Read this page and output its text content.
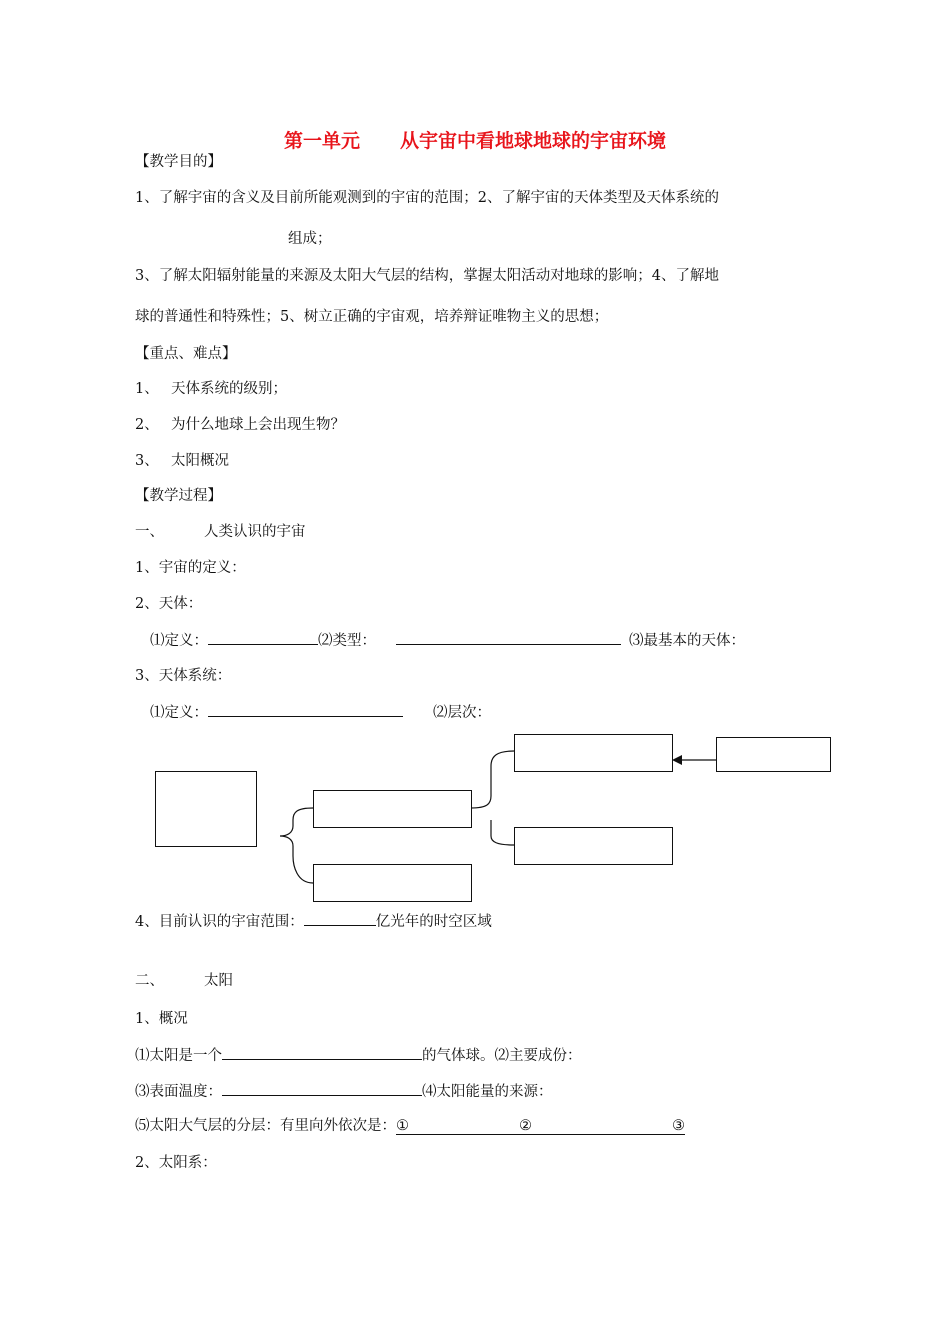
第一单元 从宇宙中看地球地球的宇宙环境
【教学目的】
1、了解宇宙的含义及目前所能观测到的宇宙的范围；2、了解宇宙的天体类型及天体系统的
组成；
3、了解太阳辐射能量的来源及太阳大气层的结构，掌握太阳活动对地球的影响；4、了解地
球的普通性和特殊性；5、树立正确的宇宙观，培养辩证唯物主义的思想；
【重点、难点】
1、 天体系统的级别；
2、 为什么地球上会出现生物？
3、 太阳概况
【教学过程】
一、	人类认识的宇宙
1、宇宙的定义：
2、天体：
⑴定义：	⑵类型：	⑶最基本的天体：
3、天体系统：
⑴定义：	⑵层次：
4、目前认识的宇宙范围：	亿光年的时空区域
二、	太阳
1、概况
⑴太阳是一个	的气体球。⑵主要成份：
⑶表面温度：	⑷太阳能量的来源：
⑸太阳大气层的分层：有里向外依次是：①	②	③
2、太阳系：
